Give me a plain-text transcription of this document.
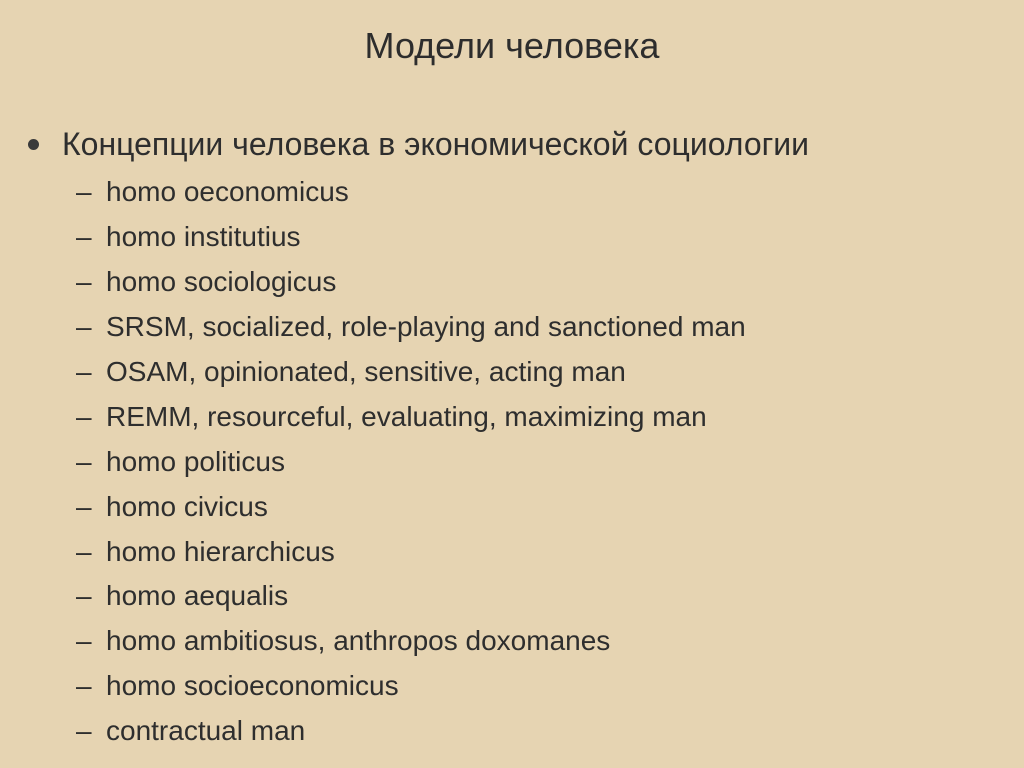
Модели человека
Концепции человека в экономической социологии
– homo oeconomicus
– homo institutius
– homo sociologicus
– SRSM, socialized, role-playing and sanctioned man
– OSAM, opinionated, sensitive, acting man
– REMM, resourceful, evaluating, maximizing man
– homo politicus
– homo civicus
– homo hierarchicus
– homo aequalis
– homo ambitiosus, anthropos doxomanes
– homo socioeconomicus
– contractual man
